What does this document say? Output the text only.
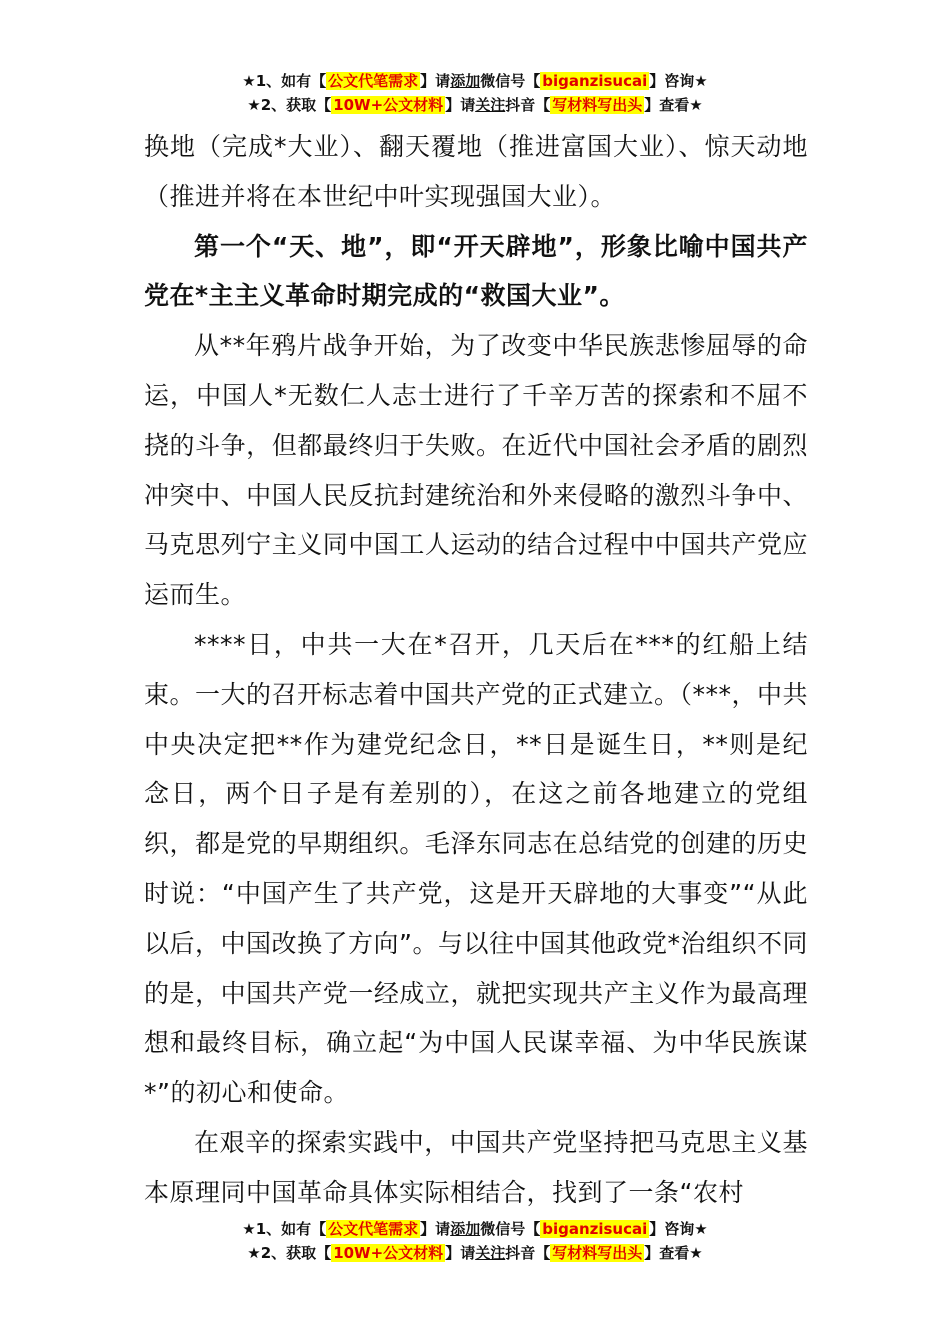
★1、如有【 公文代笔需求 】请添加微信号【 biganzisucai 】咨询★
★2、获取【 10W+公文材料 】请关注抖音【 写材料写出头 】查看★

换地（完成*大业）、翻天覆地（推进富国大业）、惊天动地（推进并将在本世纪中叶实现强国大业）。

第一个“天、地”，即“开天辟地”，形象比喻中国共产党在*主主义革命时期完成的“救国大业”。

从**年鸦片战争开始，为了改变中华民族悲惨屈辱的命运，中国人*无数仁人志士进行了千辛万苦的探索和不屈不挠的斗争，但都最终归于失败。在近代中国社会矛盾的剧烈冲突中、中国人民反抗封建统治和外来侵略的激烈斗争中、马克思列宁主义同中国工人运动的结合过程中中国共产党应运而生。

****日，中共一大在*召开，几天后在***的红船上结束。一大的召开标志着中国共产党的正式建立。（***，中共中央决定把**作为建党纪念日，**日是诞生日，**则是纪念日，两个日子是有差别的），在这之前各地建立的党组织，都是党的早期组织。毛泽东同志在总结党的创建的历史时说：“中国产生了共产党，这是开天辟地的大事变”“从此以后，中国改换了方向”。与以往中国其他政党*治组织不同的是，中国共产党一经成立，就把实现共产主义作为最高理想和最终目标，确立起“为中国人民谋幸福、为中华民族谋*”的初心和使命。

在艰辛的探索实践中，中国共产党坚持把马克思主义基本原理同中国革命具体实际相结合，找到了一条“农村

★1、如有【 公文代笔需求 】请添加微信号【 biganzisucai 】咨询★
★2、获取【 10W+公文材料 】请关注抖音【 写材料写出头 】查看★
